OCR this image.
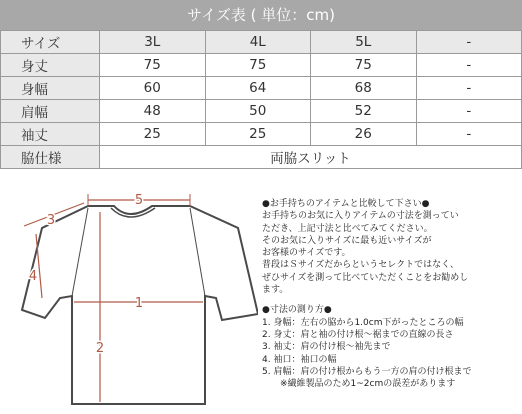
サイズ表 ( 単位：cm)
サイズ	3L	4L	5L	-
身丈	75	75	75	-
身幅	60	64	68	-
肩幅	48	50	52	-
袖丈	25	25	26	-
脇仕様	両脇スリット			
5
3
4
1
2

●お手持ちのアイテムと比較して下さい●

お手持ちのお気に入りアイテムの寸法を測ってい

ただき、上記寸法と比べてみてください。

そのお気に入りサイズに最も近いサイズが

お客様のサイズです。

普段はＳサイズだからというセレクトではなく、

ぜひサイズを測って比べていただくことをお勧めし

ます。

●寸法の測り方●

1. 身幅：左右の脇から1.0cm下がったところの幅

2. 身丈：肩と袖の付け根～裾までの直線の長さ

3. 袖丈：肩の付け根～袖先まで

4. 袖口：袖口の幅

5. 肩幅：肩の付け根からもう一方の肩の付け根まで

　　※繊維製品のため1~2cmの誤差があります
